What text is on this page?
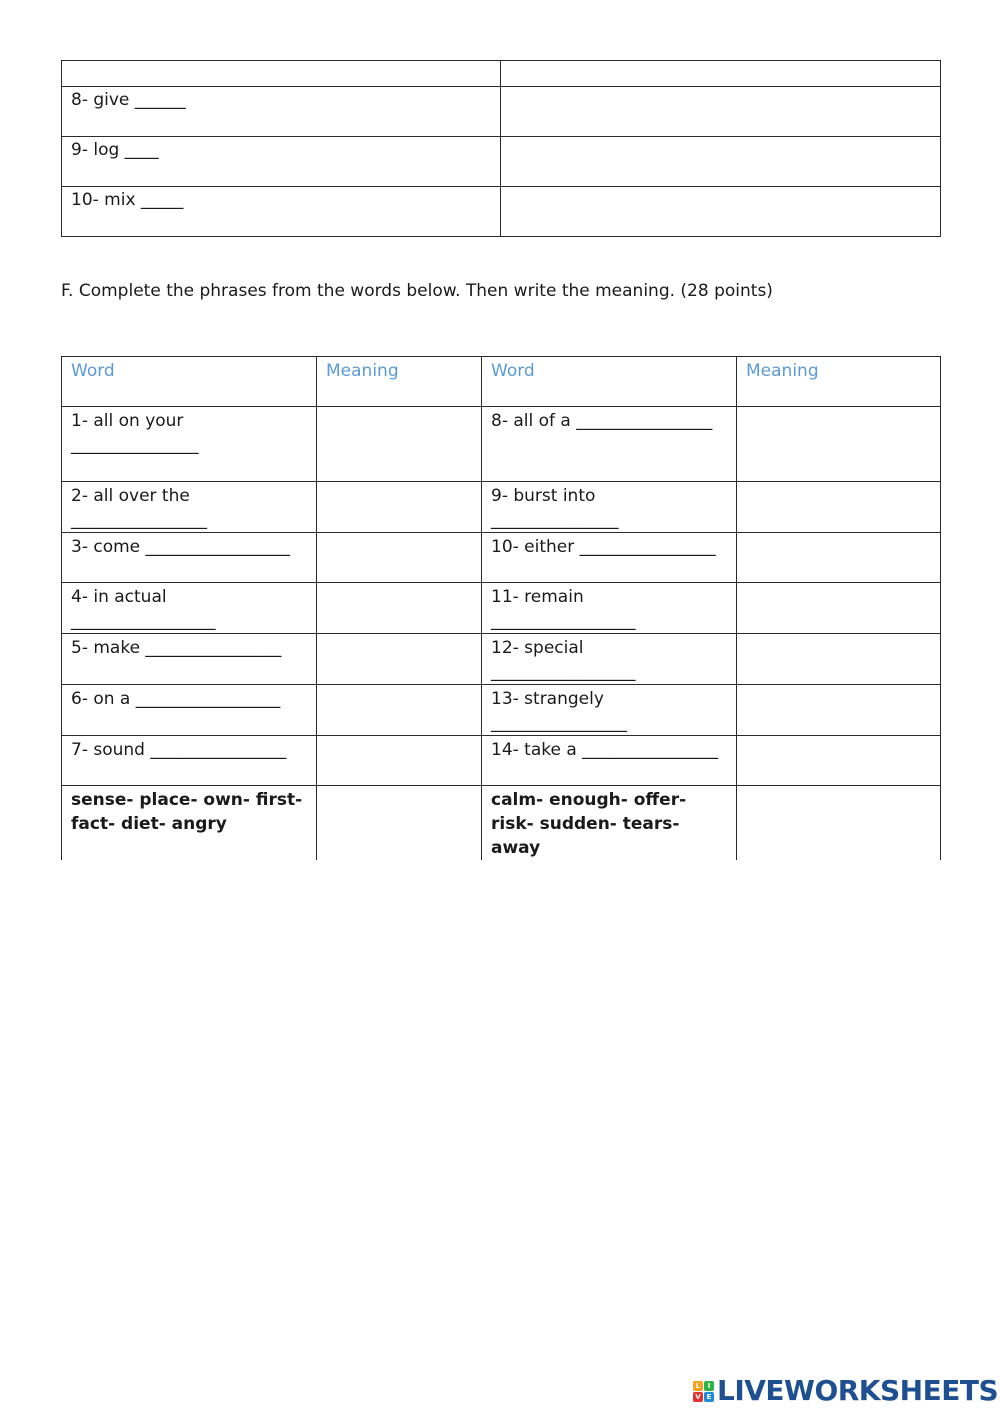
8- give ______	
9- log ____	
10- mix _____	

F. Complete the phrases from the words below. Then write the meaning. (28 points)

Word	Meaning	Word	Meaning
1- all on your _______________		8- all of a ________________	
2- all over the ________________		9- burst into _______________	
3- come _________________		10- either ________________	
4- in actual _________________		11- remain _________________	
5- make ________________		12- special _________________	
6- on a _________________		13- strangely ________________	
7- sound ________________		14- take a ________________	
sense- place- own- first- fact- diet- angry		calm- enough- offer- risk- sudden- tears- away	
L	I
V E LIVEWORKSHEETS
